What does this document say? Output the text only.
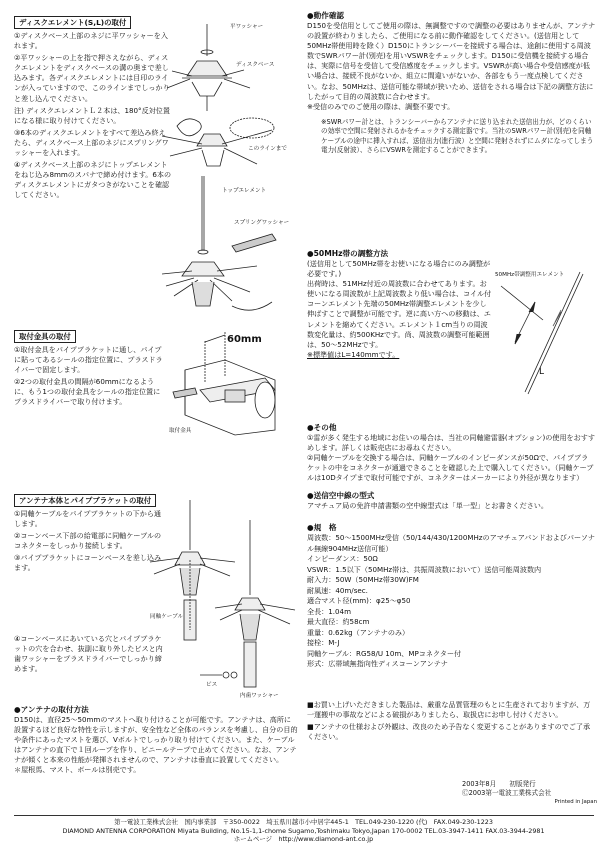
ディスクエレメント(S,L)の取付
①ディスクベース上部のネジに平ワッシャーを入れます。
②平ワッシャーの上を指で押さえながら、ディスクエレメントをディスクベースの溝の奥まで差し込みます。各ディスクエレメントには目印のラインが入っていますので、このラインまでしっかりと差し込んでください。
注) ディスクエレメントＬ２本は、180°反対位置になる様に取り付けてください。
③6本のディスクエレメントをすべて差込み終えたら、ディスクベース上部のネジにスプリングワッシャーを入れます。
④ディスクベース上部のネジにトップエレメントをねじ込み8mmのスパナで締め付けます。6本のディスクエレメントにガタつきがないことを確認してください。
平ワッシャー
ディスクベース
このラインまで
トップエレメント
スプリングワッシャー
取付金具の取付
①取付金具をパイプブラケットに通し、パイプに貼ってあるシールの指定位置に、プラスドライバーで固定します。
②2つの取付金具の間隔が60mmになるように、もう1つの取付金具をシールの指定位置にプラスドライバーで取り付けます。
60mm
取付金具
アンテナ本体とパイプブラケットの取付
①同軸ケーブルをパイプブラケットの下から通します。
②コーンベース下部の給電部に同軸ケーブルのコネクターをしっかり接続します。
③パイプブラケットにコーンベースを差し込みます。
④コーンベースにあいている穴とパイプブラケットの穴を合わせ、抜副に取り外したビスと内歯ワッシャーをプラスドライバーでしっかり締めます。
同軸ケーブル
ビス
内歯ワッシャー
●アンテナの取付方法

D150は、直径25〜50mmのマストへ取り付けることが可能です。アンテナは、高所に設置するほど良好な特性を示しますが、安全性など全体のバランスを考慮し、自分の目的や条件にあったマストを選び、Vボルトでしっかり取り付けてください。また、ケーブルはアンテナの直下で１回ループを作り、ビニールテープで止めてください。なお、アンテナが傾くと本来の性能が発揮されませんので、アンテナは垂直に設置してください。

＊屋根馬、マスト、ボールは別売です。

●動作確認

D150を受信用としてご使用の際は、無調整ですので調整の必要はありませんが、アンテナの設置が終わりましたら、ご使用になる前に動作確認をしてください。(送信用として50MHz帯使用時を除く）D150にトランシーバーを接続する場合は、途創に使用する周波数でSWRパワー計(別売)を用いVSWRをチェックします。D150に受信機を接続する場合は、実際に信号を受信して受信感度をチェックします。VSWRが高い場合や受信感度が低い場合は、接続不良がないか、組立に間違いがないか、各部をもう一度点検してください。なお、50MHzは、送信可能な帯域が狭いため、送信をされる場合は下記の調整方法にしたがって目的の周波数に合わせます。

※受信のみでのご使用の際は、調整不要です。

※SWRパワー計とは、トランシーバーからアンテナに送り込まれた送信出力が、どのくらいの効率で空間に発射されるかをチェックする測定器です。当社のSWRパワー計(別売)を同軸ケーブルの途中に挿入すれば、送信出力(進行波）と空間に発射されずにムダになってしまう電力(反射波）、さらにVSWRを測定することができます。

●50MHz帯の調整方法

(送信用として50MHz帯をお使いになる場合にのみ調整が必要です。)

出荷時は、51MHz付近の周波数に合わせてあります。お使いになる周波数が上記周波数より低い場合は、コイル付コーンエレメント先端の50MHz帯調整エレメントを少し伸ばすことで調整が可能です。逆に高い方への移動は、エレメントを縮めてください。エレメント１cm当りの周波数変化量は、約500KHzです。尚、周波数の調整可能範囲は、50〜52MHzです。

※標準値はL=140mmです。

50MHz帯調整用エレメント
L
●その他

①雷が多く発生する地域にお住いの場合は、当社の同軸避雷器(オプション)の使用をおすすめします。詳しくは販売店にお尋ねください。

②同軸ケーブルを交換する場合は、同軸ケーブルのインピーダンスが50Ωで、パイプブラケットの中をコネクターが通過できることを確認した上で購入してください。（同軸ケーブルは10Dタイプまで取付可能ですが、コネクターはメーカーにより外径が異なります）

●送信空中線の型式

アマチュア局の免許申請書類の空中線型式は「単一型」とお書きください。

●規　格

周波数：50〜1500MHz受信（50/144/430/1200MHzのアマチュアバンドおよびパーソナル無線904MHz送信可能）

インピーダンス：50Ω

VSWR：1.5以下（50MHz帯は、共振周波数において）送信可能周波数内

耐入力：50W（50MHz帯30W)FM

耐風速：40m/sec.

適合マスト径(mm)：φ25〜φ50

全長：1.04m

最大直径：約58cm

重量：0.62kg（アンテナのみ）

接栓：M-J

同軸ケーブル：RG58/U 10m、MPコネクター付

形式：広帯域無指向性ディスコーンアンテナ

■お買い上げいただきました製品は、厳重な品質管理のもとに生産されておりますが、万一運搬中の事故などによる破損がありましたら、取扱店にお申し付けください。

■アンテナの仕様および外観は、改良のため予告なく変更することがありますのでご了承ください。

2003年8月　　 初版発行
Ⓒ2003第一電波工業株式会社
Printed in Japan
第一電波工業株式会社　国内事業部　〒350-0022　埼玉県川越市小中居字445-1　TEL.049-230-1220 (代)　FAX.049-230-1223
DIAMOND ANTENNA CORPORATION Miyata Building, No.15-1,1-chome Sugamo,Toshimaku Tokyo,Japan 170-0002 TEL.03-3947-1411 FAX.03-3944-2981
ホームページ　http://www.diamond-ant.co.jp
